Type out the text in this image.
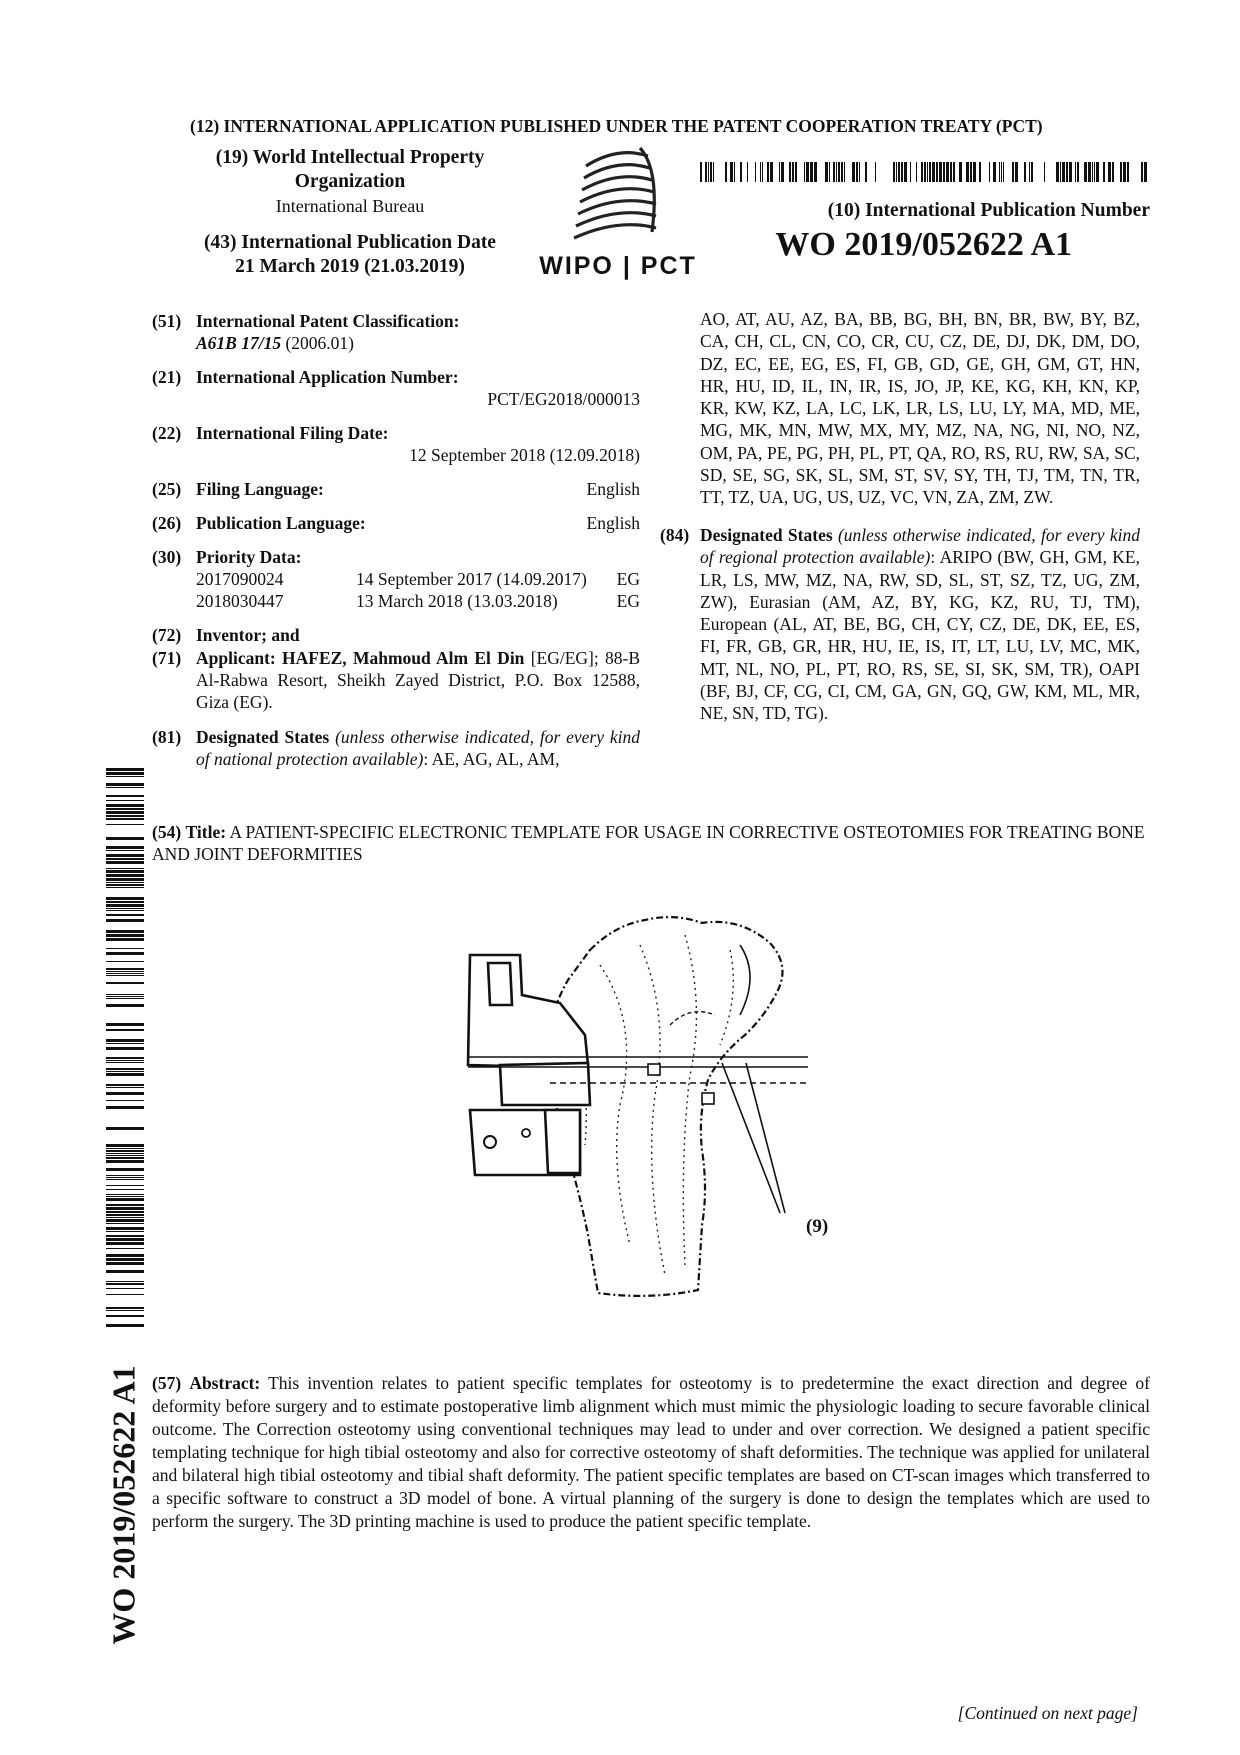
(12) INTERNATIONAL APPLICATION PUBLISHED UNDER THE PATENT COOPERATION TREATY (PCT)
(19) World Intellectual Property
Organization
International Bureau
(43) International Publication Date
21 March 2019 (21.03.2019)	WIPO | PCT
(10) International Publication Number
WO 2019/052622 A1
(51) International Patent Classification:
A61B 17/15 (2006.01)
(21) International Application Number:
PCT/EG2018/000013
(22) International Filing Date:
12 September 2018 (12.09.2018)
(25) Filing Language:	English
(26) Publication Language:	English
(30) Priority Data:
2017090024	14 September 2017 (14.09.2017)	EG
2018030447	13 March 2018 (13.03.2018)	EG
(72) Inventor; and
(71) Applicant: HAFEZ, Mahmoud Alm El Din [EG/EG]; 88-B Al-Rabwa Resort, Sheikh Zayed District, P.O. Box 12588, Giza (EG).
(81) Designated States (unless otherwise indicated, for every kind of national protection available): AE, AG, AL, AM,
AO, AT, AU, AZ, BA, BB, BG, BH, BN, BR, BW, BY, BZ, CA, CH, CL, CN, CO, CR, CU, CZ, DE, DJ, DK, DM, DO, DZ, EC, EE, EG, ES, FI, GB, GD, GE, GH, GM, GT, HN, HR, HU, ID, IL, IN, IR, IS, JO, JP, KE, KG, KH, KN, KP, KR, KW, KZ, LA, LC, LK, LR, LS, LU, LY, MA, MD, ME, MG, MK, MN, MW, MX, MY, MZ, NA, NG, NI, NO, NZ, OM, PA, PE, PG, PH, PL, PT, QA, RO, RS, RU, RW, SA, SC, SD, SE, SG, SK, SL, SM, ST, SV, SY, TH, TJ, TM, TN, TR, TT, TZ, UA, UG, US, UZ, VC, VN, ZA, ZM, ZW.
(84) Designated States (unless otherwise indicated, for every kind of regional protection available): ARIPO (BW, GH, GM, KE, LR, LS, MW, MZ, NA, RW, SD, SL, ST, SZ, TZ, UG, ZM, ZW), Eurasian (AM, AZ, BY, KG, KZ, RU, TJ, TM), European (AL, AT, BE, BG, CH, CY, CZ, DE, DK, EE, ES, FI, FR, GB, GR, HR, HU, IE, IS, IT, LT, LU, LV, MC, MK, MT, NL, NO, PL, PT, RO, RS, SE, SI, SK, SM, TR), OAPI (BF, BJ, CF, CG, CI, CM, GA, GN, GQ, GW, KM, ML, MR, NE, SN, TD, TG).
WO 2019/052622 A1
(54) Title: A PATIENT-SPECIFIC ELECTRONIC TEMPLATE FOR USAGE IN CORRECTIVE OSTEOTOMIES FOR TREATING BONE AND JOINT DEFORMITIES
(9)
(57) Abstract: This invention relates to patient specific templates for osteotomy is to predetermine the exact direction and degree of deformity before surgery and to estimate postoperative limb alignment which must mimic the physiologic loading to secure favorable clinical outcome. The Correction osteotomy using conventional techniques may lead to under and over correction. We designed a patient specific templating technique for high tibial osteotomy and also for corrective osteotomy of shaft deformities. The technique was applied for unilateral and bilateral high tibial osteotomy and tibial shaft deformity. The patient specific templates are based on CT-scan images which transferred to a specific software to construct a 3D model of bone. A virtual planning of the surgery is done to design the templates which are used to perform the surgery. The 3D printing machine is used to produce the patient specific template.
[Continued on next page]
